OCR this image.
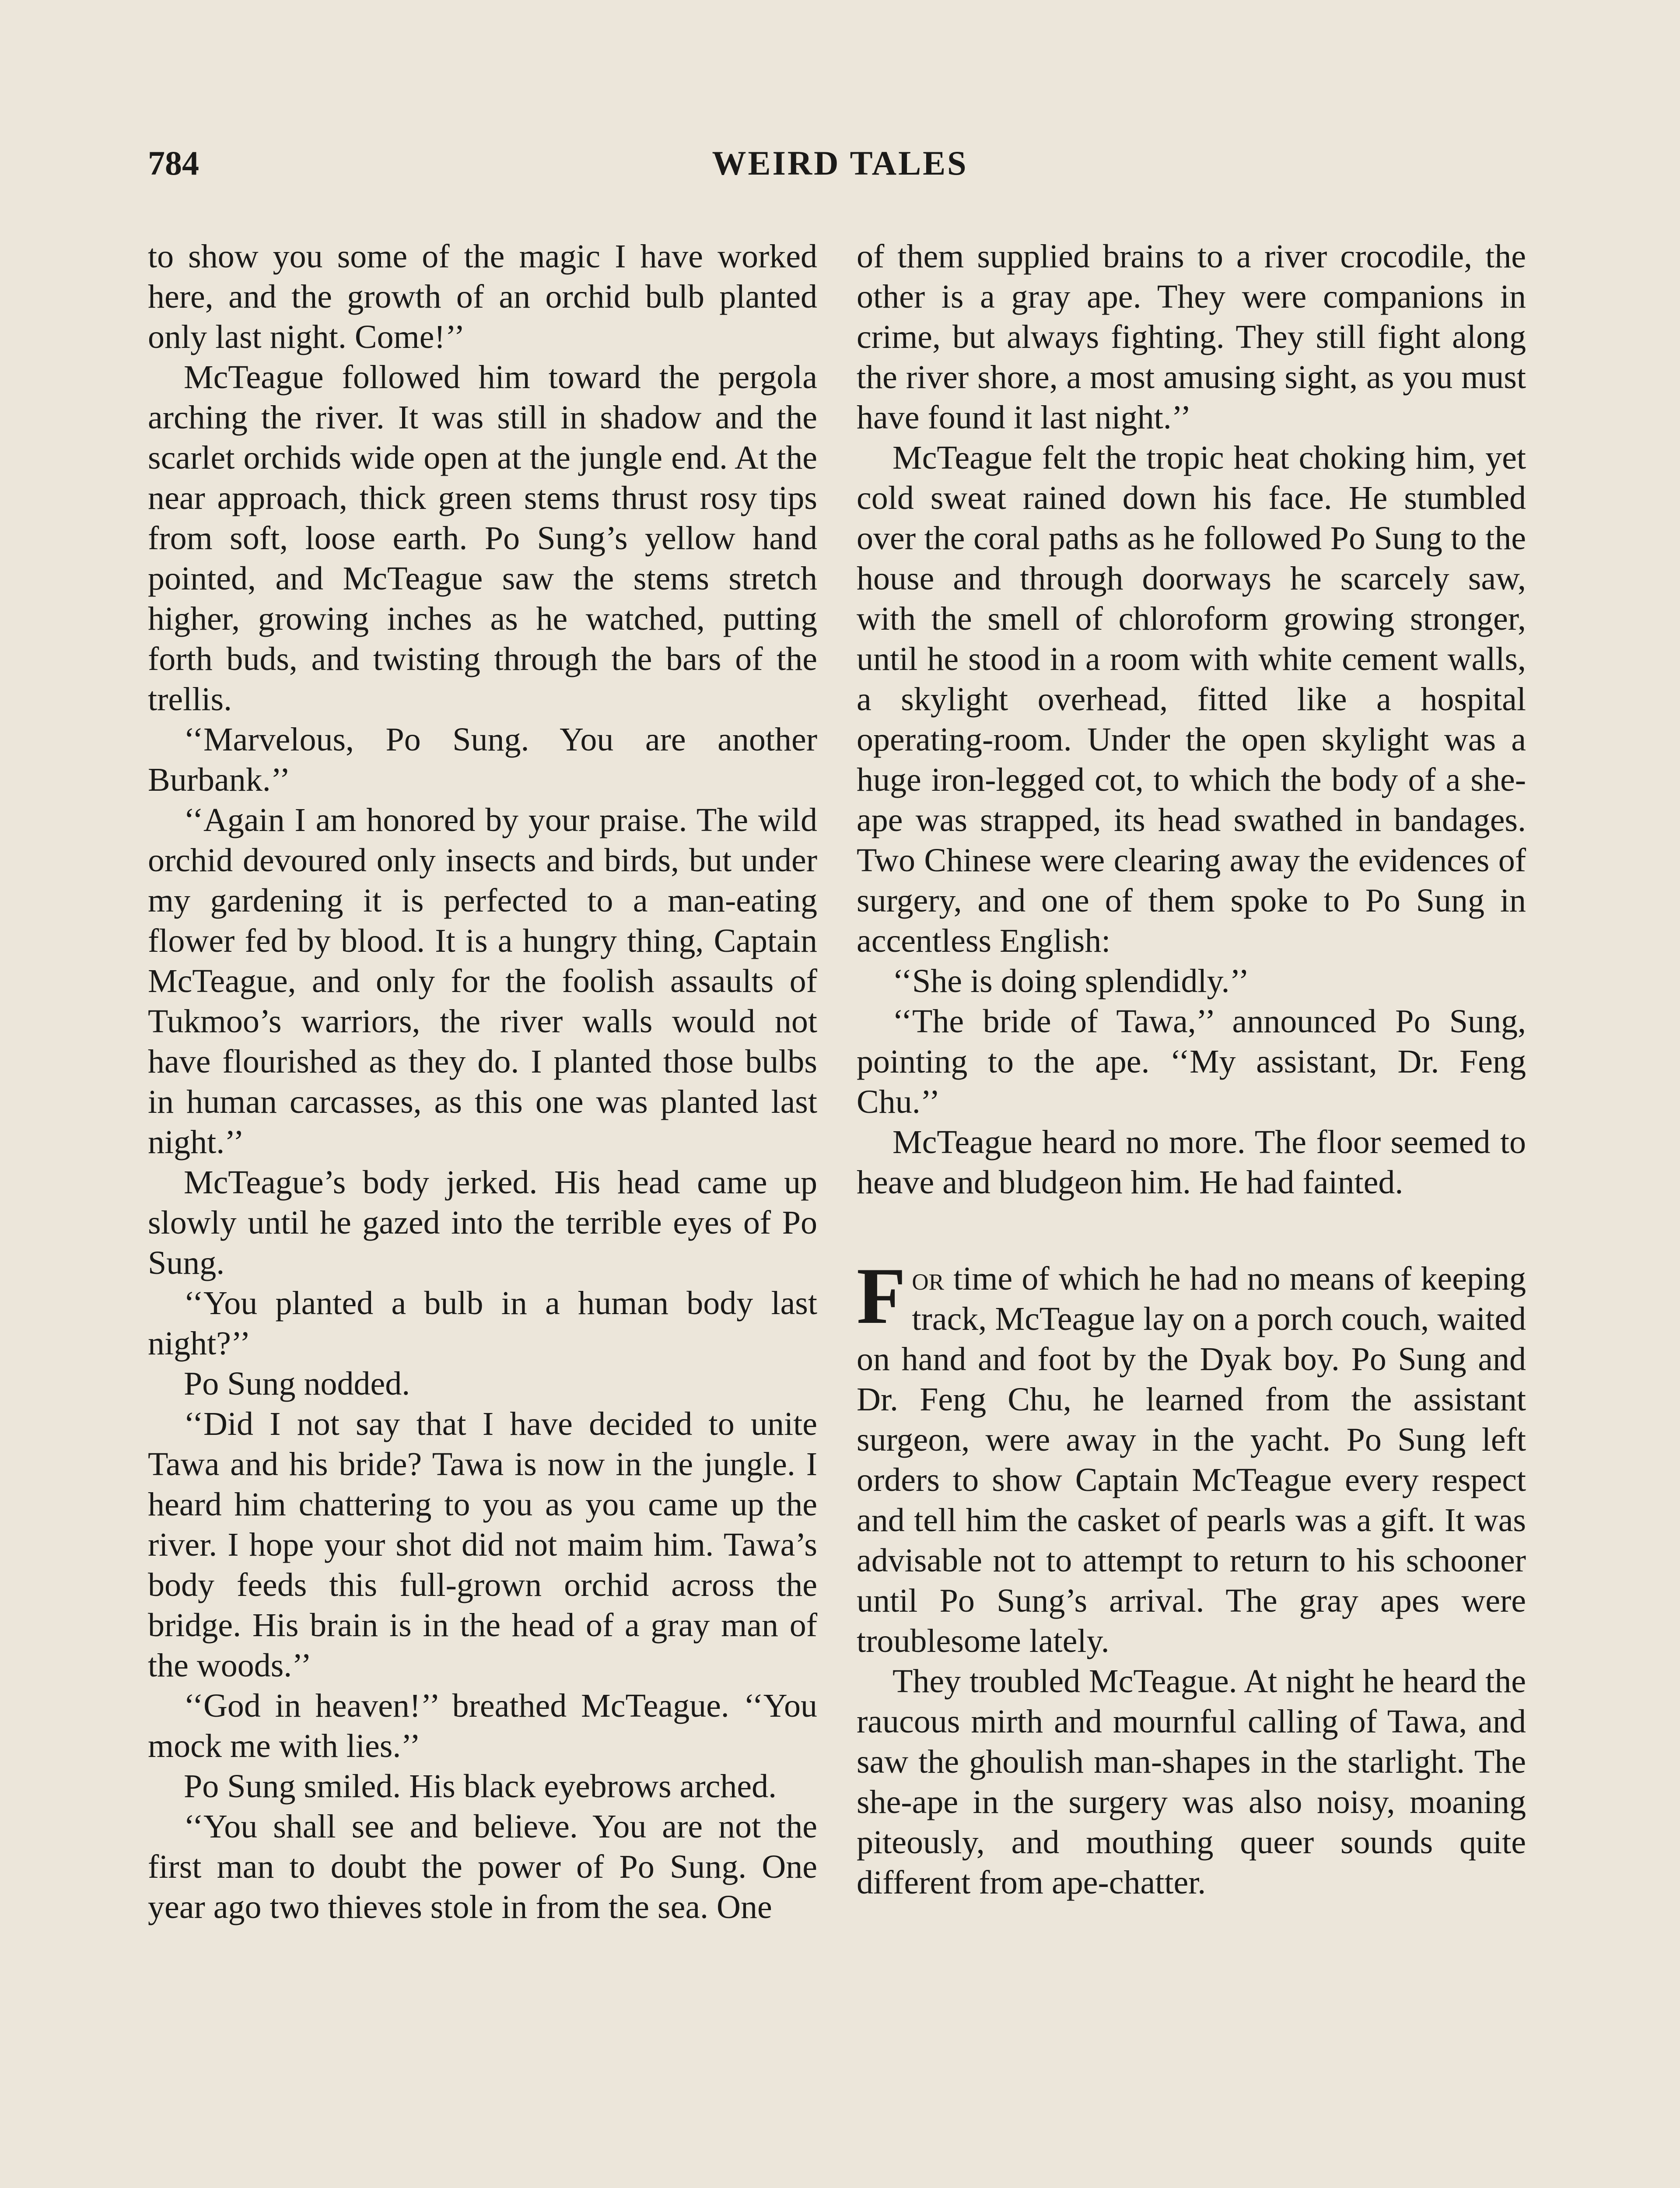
784	WEIRD TALES

to show you some of the magic I have worked here, and the growth of an orchid bulb planted only last night. Come!’’

McTeague followed him toward the pergola arching the river. It was still in shadow and the scarlet orchids wide open at the jungle end. At the near approach, thick green stems thrust rosy tips from soft, loose earth. Po Sung’s yellow hand pointed, and McTeague saw the stems stretch higher, growing inches as he watched, putting forth buds, and twisting through the bars of the trellis.

‘‘Marvelous, Po Sung. You are another Burbank.’’

‘‘Again I am honored by your praise. The wild orchid devoured only insects and birds, but under my gardening it is perfected to a man-eating flower fed by blood. It is a hungry thing, Captain McTeague, and only for the foolish assaults of Tukmoo’s warriors, the river walls would not have flourished as they do. I planted those bulbs in human carcasses, as this one was planted last night.’’

McTeague’s body jerked. His head came up slowly until he gazed into the terrible eyes of Po Sung.

‘‘You planted a bulb in a human body last night?’’

Po Sung nodded.

‘‘Did I not say that I have decided to unite Tawa and his bride? Tawa is now in the jungle. I heard him chattering to you as you came up the river. I hope your shot did not maim him. Tawa’s body feeds this full-grown orchid across the bridge. His brain is in the head of a gray man of the woods.’’

‘‘God in heaven!’’ breathed McTeague. ‘‘You mock me with lies.’’

Po Sung smiled. His black eyebrows arched.

‘‘You shall see and believe. You are not the first man to doubt the power of Po Sung. One year ago two thieves stole in from the sea. One

of them supplied brains to a river crocodile, the other is a gray ape. They were companions in crime, but always fighting. They still fight along the river shore, a most amusing sight, as you must have found it last night.’’

McTeague felt the tropic heat choking him, yet cold sweat rained down his face. He stumbled over the coral paths as he followed Po Sung to the house and through doorways he scarcely saw, with the smell of chloroform growing stronger, until he stood in a room with white cement walls, a skylight overhead, fitted like a hospital operating-room. Under the open skylight was a huge iron-legged cot, to which the body of a she-ape was strapped, its head swathed in bandages. Two Chinese were clearing away the evidences of surgery, and one of them spoke to Po Sung in accentless English:

‘‘She is doing splendidly.’’

‘‘The bride of Tawa,’’ announced Po Sung, pointing to the ape. ‘‘My assistant, Dr. Feng Chu.’’

McTeague heard no more. The floor seemed to heave and bludgeon him. He had fainted.

For time of which he had no means of keeping track, McTeague lay on a porch couch, waited on hand and foot by the Dyak boy. Po Sung and Dr. Feng Chu, he learned from the assistant surgeon, were away in the yacht. Po Sung left orders to show Captain McTeague every respect and tell him the casket of pearls was a gift. It was advisable not to attempt to return to his schooner until Po Sung’s arrival. The gray apes were troublesome lately.

They troubled McTeague. At night he heard the raucous mirth and mournful calling of Tawa, and saw the ghoulish man-shapes in the starlight. The she-ape in the surgery was also noisy, moaning piteously, and mouthing queer sounds quite different from ape-chatter.
